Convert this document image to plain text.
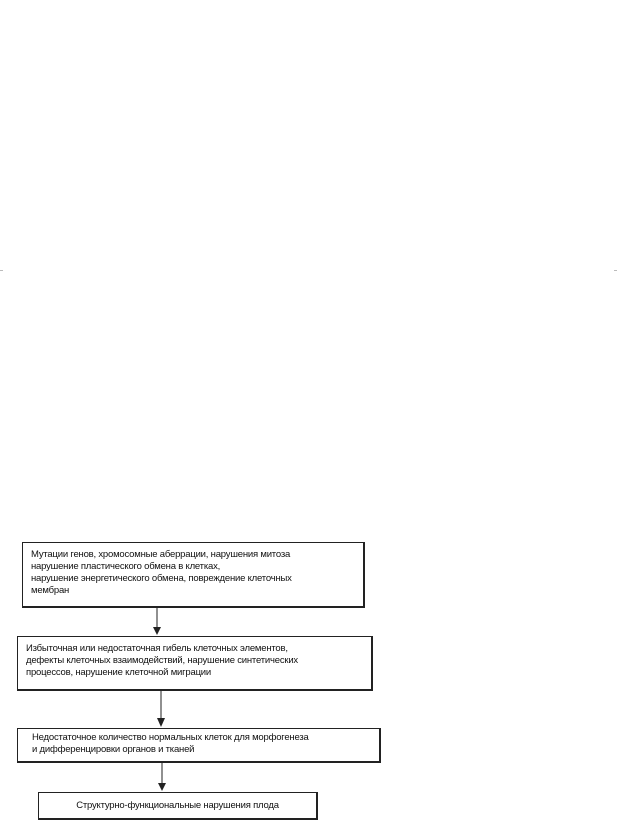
Мутации генов, хромосомные аберрации, нарушения митоза

нарушение пластического обмена в клетках,

нарушение энергетического обмена, повреждение клеточных

мембран

Избыточная или недостаточная гибель клеточных элементов,

дефекты клеточных взаимодействий, нарушение синтетических

процессов, нарушение клеточной миграции

Недостаточное количество нормальных клеток для морфогенеза

и дифференцировки органов и тканей

Структурно-функциональные нарушения плода
